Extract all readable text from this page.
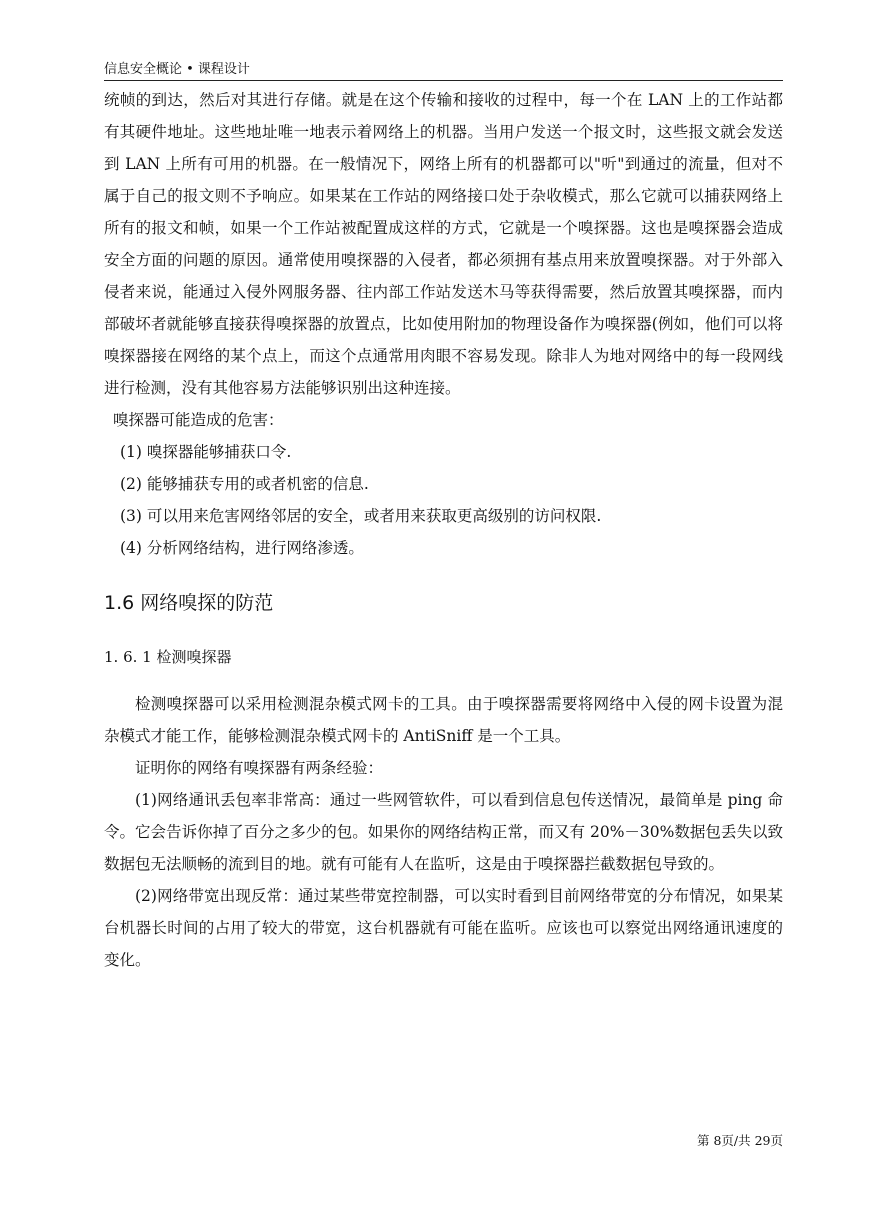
信息安全概论 • 课程设计

统帧的到达，然后对其进行存储。就是在这个传输和接收的过程中，每一个在 LAN 上的工作站都有其硬件地址。这些地址唯一地表示着网络上的机器。当用户发送一个报文时，这些报文就会发送到 LAN 上所有可用的机器。在一般情况下，网络上所有的机器都可以"听"到通过的流量，但对不属于自己的报文则不予响应。如果某在工作站的网络接口处于杂收模式，那么它就可以捕获网络上所有的报文和帧，如果一个工作站被配置成这样的方式，它就是一个嗅探器。这也是嗅探器会造成安全方面的问题的原因。通常使用嗅探器的入侵者，都必须拥有基点用来放置嗅探器。对于外部入侵者来说，能通过入侵外网服务器、往内部工作站发送木马等获得需要，然后放置其嗅探器，而内部破坏者就能够直接获得嗅探器的放置点，比如使用附加的物理设备作为嗅探器(例如，他们可以将嗅探器接在网络的某个点上，而这个点通常用肉眼不容易发现。除非人为地对网络中的每一段网线进行检测，没有其他容易方法能够识别出这种连接。

嗅探器可能造成的危害：

(1) 嗅探器能够捕获口令.

(2) 能够捕获专用的或者机密的信息.

(3) 可以用来危害网络邻居的安全，或者用来获取更高级别的访问权限.

(4) 分析网络结构，进行网络渗透。

1.6 网络嗅探的防范
1. 6. 1 检测嗅探器

检测嗅探器可以采用检测混杂模式网卡的工具。由于嗅探器需要将网络中入侵的网卡设置为混杂模式才能工作，能够检测混杂模式网卡的 AntiSniff 是一个工具。

证明你的网络有嗅探器有两条经验：

(1)网络通讯丢包率非常高：通过一些网管软件，可以看到信息包传送情况，最简单是 ping 命令。它会告诉你掉了百分之多少的包。如果你的网络结构正常，而又有 20%－30%数据包丢失以致数据包无法顺畅的流到目的地。就有可能有人在监听，这是由于嗅探器拦截数据包导致的。

(2)网络带宽出现反常：通过某些带宽控制器，可以实时看到目前网络带宽的分布情况，如果某台机器长时间的占用了较大的带宽，这台机器就有可能在监听。应该也可以察觉出网络通讯速度的变化。

第 8页/共 29页
